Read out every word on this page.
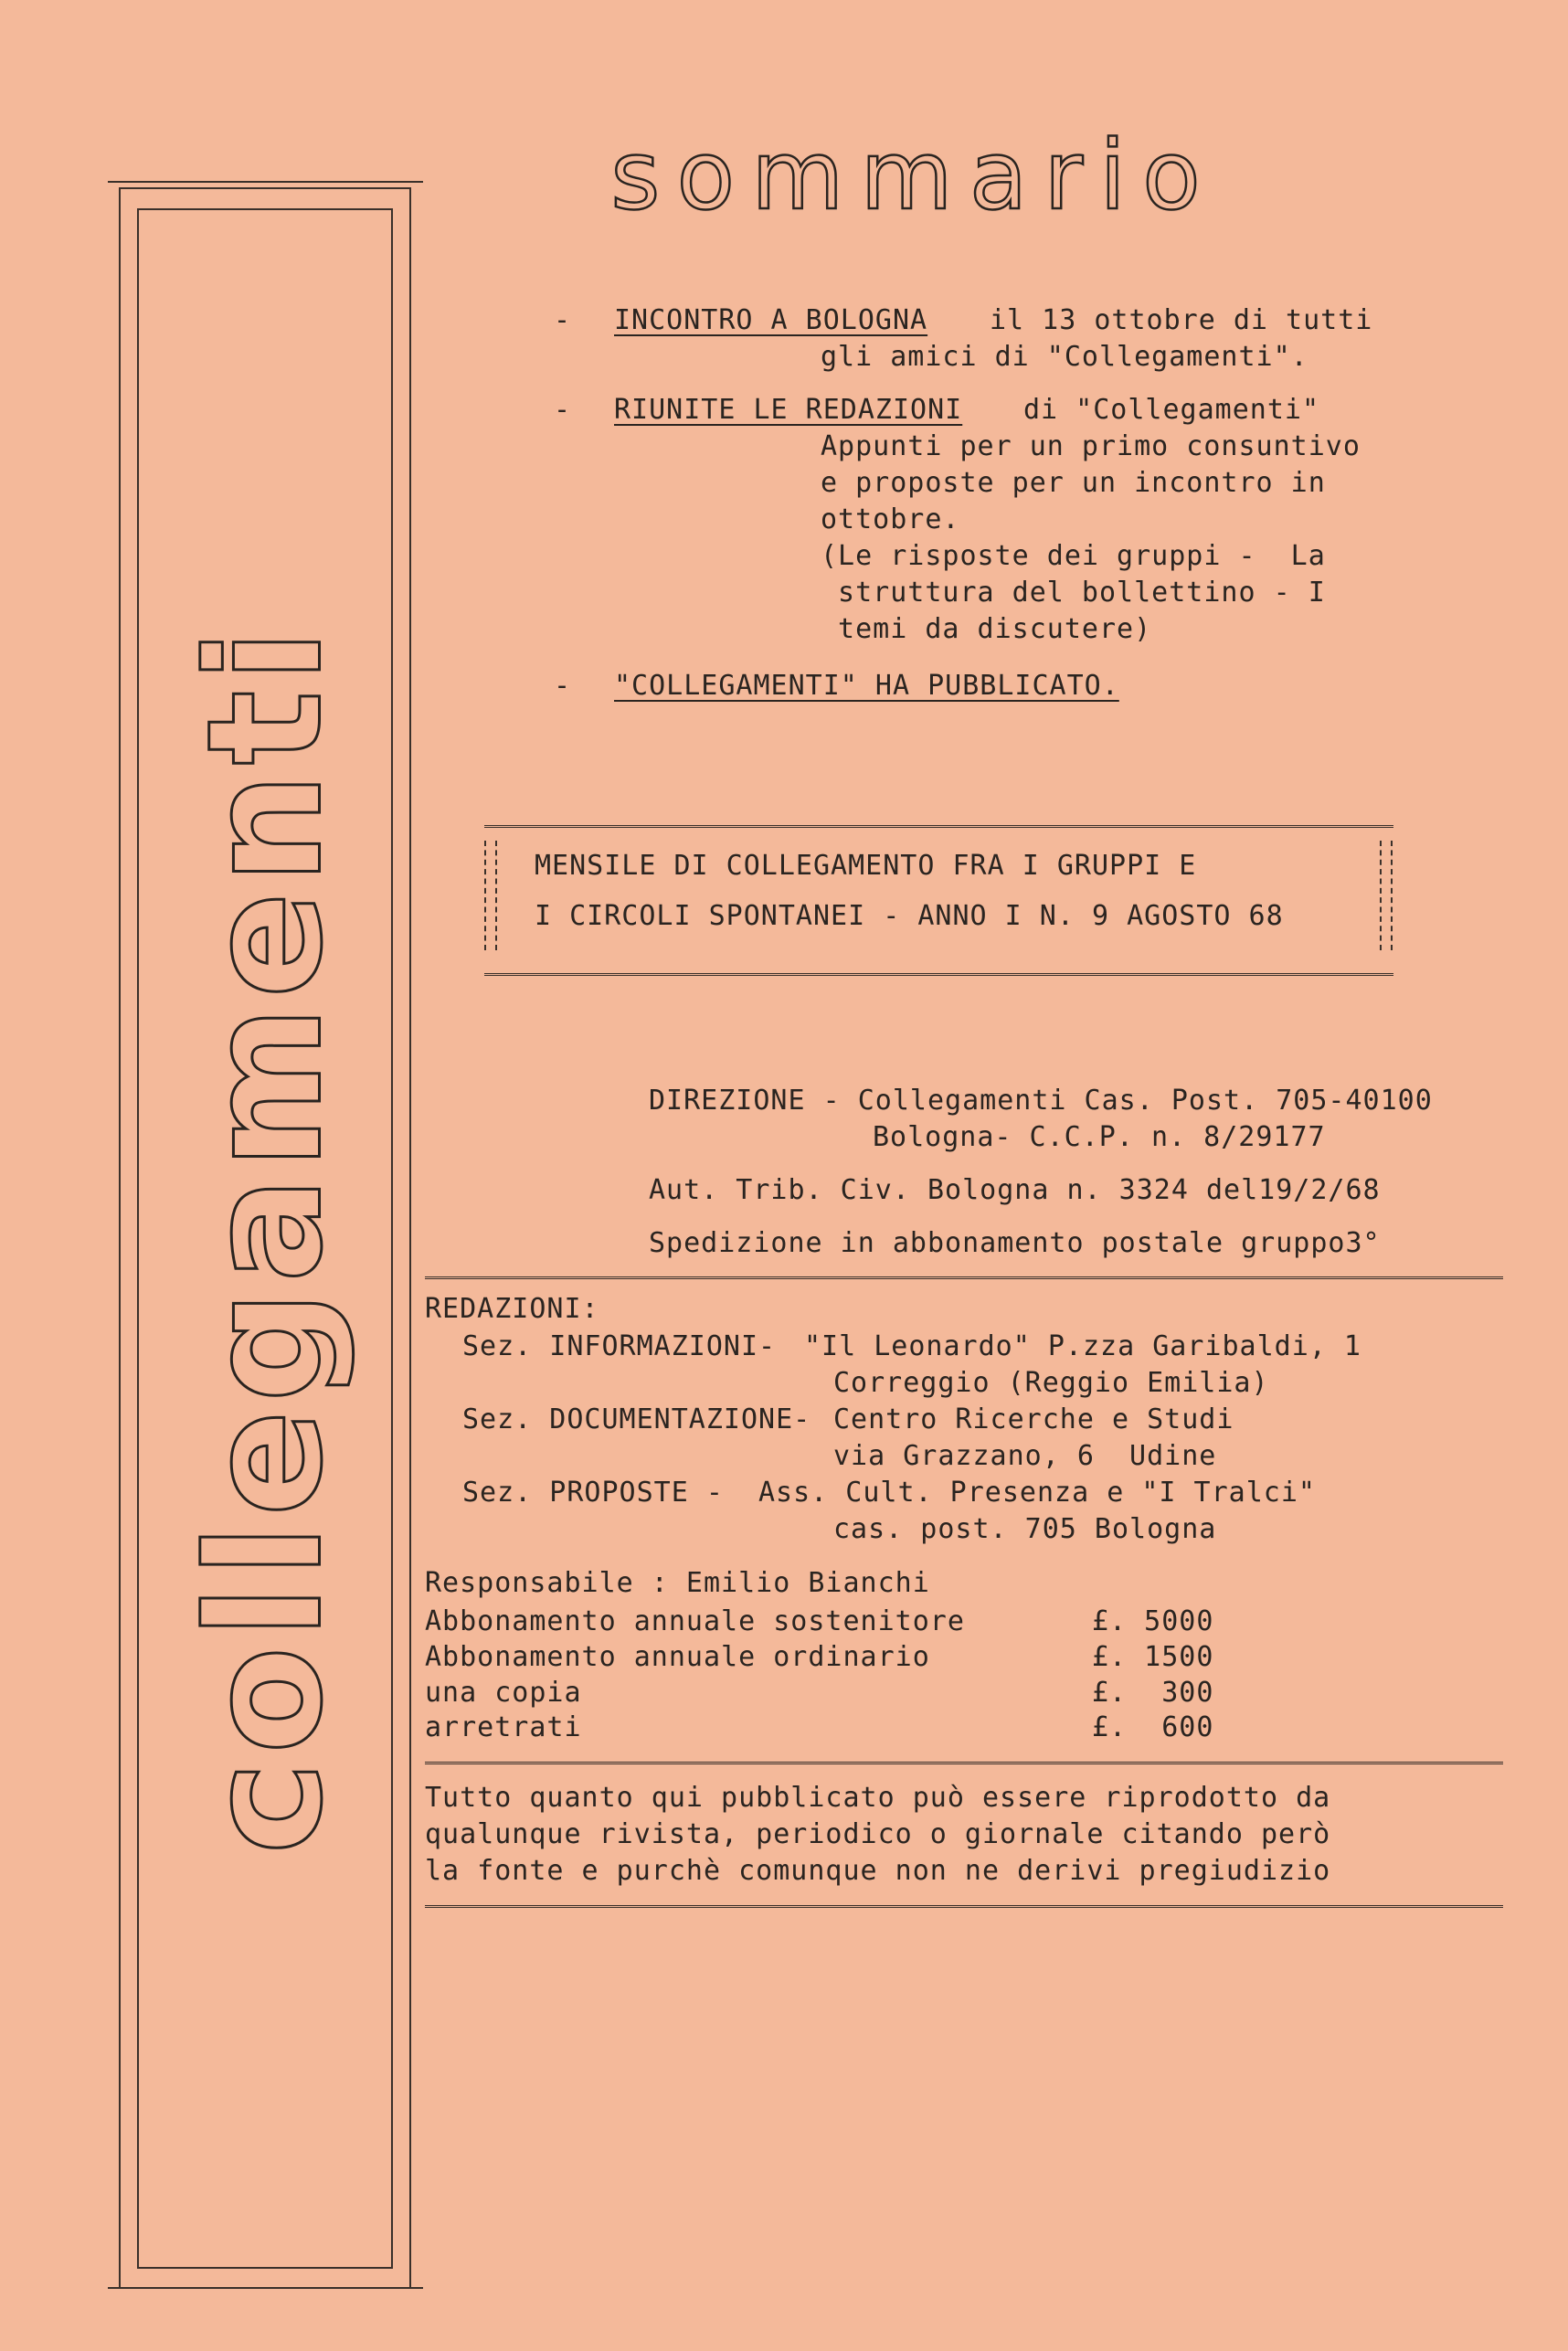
collegamenti
sommario
- INCONTRO A BOLOGNA il 13 ottobre di tutti
gli amici di "Collegamenti".
- RIUNITE LE REDAZIONI di "Collegamenti"
Appunti per un primo consuntivo
e proposte per un incontro in
ottobre.
(Le risposte dei gruppi -  La
struttura del bollettino - I
temi da discutere)
- "COLLEGAMENTI" HA PUBBLICATO.
MENSILE DI COLLEGAMENTO FRA I GRUPPI E
I CIRCOLI SPONTANEI - ANNO I N. 9 AGOSTO 68
DIREZIONE - Collegamenti Cas. Post. 705-40100
Bologna- C.C.P. n. 8/29177
Aut. Trib. Civ. Bologna n. 3324 del19/2/68
Spedizione in abbonamento postale gruppo3°
REDAZIONI:
Sez. INFORMAZIONI- "Il Leonardo" P.zza Garibaldi, 1
Correggio (Reggio Emilia)
Sez. DOCUMENTAZIONE- Centro Ricerche e Studi
via Grazzano, 6  Udine
Sez. PROPOSTE - Ass. Cult. Presenza e "I Tralci"
cas. post. 705 Bologna
Responsabile : Emilio Bianchi
Abbonamento annuale sostenitore	£. 5000
Abbonamento annuale ordinario	£. 1500
una copia	£.  300
arretrati	£.  600
Tutto quanto qui pubblicato può essere riprodotto da
qualunque rivista, periodico o giornale citando però
la fonte e purchè comunque non ne derivi pregiudizio
